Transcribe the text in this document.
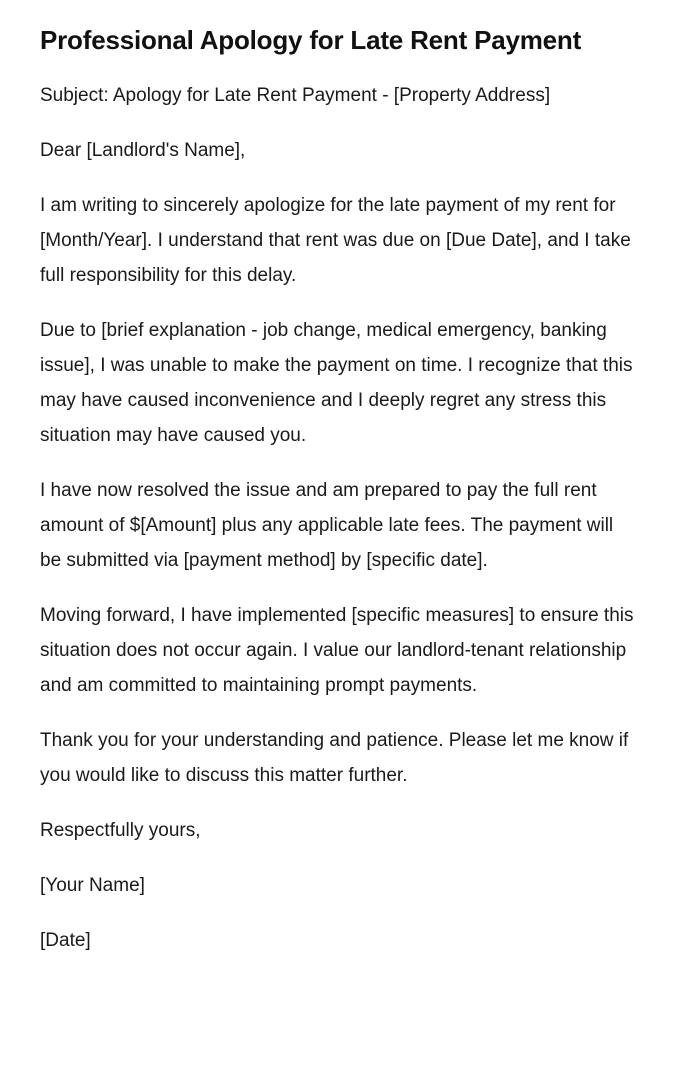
Professional Apology for Late Rent Payment

Subject: Apology for Late Rent Payment - [Property Address]

Dear [Landlord's Name],

I am writing to sincerely apologize for the late payment of my rent for [Month/Year]. I understand that rent was due on [Due Date], and I take full responsibility for this delay.

Due to [brief explanation - job change, medical emergency, banking issue], I was unable to make the payment on time. I recognize that this may have caused inconvenience and I deeply regret any stress this situation may have caused you.

I have now resolved the issue and am prepared to pay the full rent amount of $[Amount] plus any applicable late fees. The payment will be submitted via [payment method] by [specific date].

Moving forward, I have implemented [specific measures] to ensure this situation does not occur again. I value our landlord-tenant relationship and am committed to maintaining prompt payments.

Thank you for your understanding and patience. Please let me know if you would like to discuss this matter further.

Respectfully yours,

[Your Name]

[Date]
